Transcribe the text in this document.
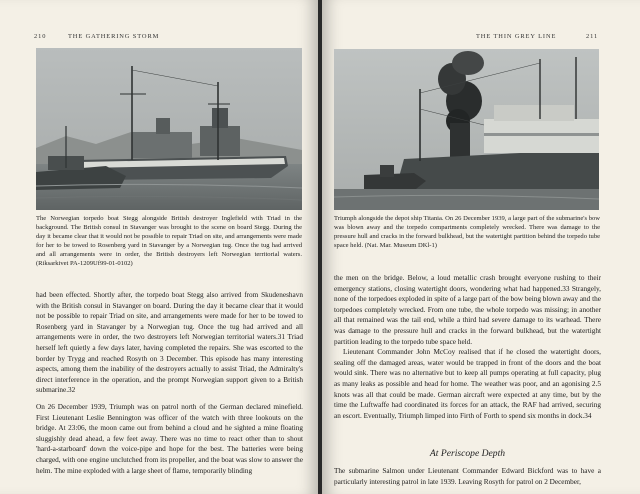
210	THE GATHERING STORM

The Norwegian torpedo boat Stegg alongside British destroyer Inglefield with Triad in the background. The British consul in Stavanger was brought to the scene on board Stegg. During the day it became clear that it would not be possible to repair Triad on site, and arrangements were made for her to be towed to Rosenberg yard in Stavanger by a Norwegian tug. Once the tug had arrived and all arrangements were in order, the British destroyers left Norwegian territorial waters. (Riksarkivet PA-1209Uf99-01-0102)

had been effected. Shortly after, the torpedo boat Stegg also arrived from Skudeneshavn with the British consul in Stavanger on board. During the day it became clear that it would not be possible to repair Triad on site, and arrangements were made for her to be towed to Rosenberg yard in Stavanger by a Norwegian tug. Once the tug had arrived and all arrangements were in order, the two destroyers left Norwegian territorial waters.31 Triad herself left quietly a few days later, having completed the repairs. She was escorted to the border by Trygg and reached Rosyth on 3 December. This episode has many interesting aspects, among them the inability of the destroyers actually to assist Triad, the Admiralty's direct interference in the operation, and the prompt Norwegian support given to a British submarine.32

On 26 December 1939, Triumph was on patrol north of the German declared minefield. First Lieutenant Leslie Bennington was officer of the watch with three lookouts on the bridge. At 23:06, the moon came out from behind a cloud and he sighted a mine floating sluggishly dead ahead, a few feet away. There was no time to react other than to shout 'hard-a-starboard' down the voice-pipe and hope for the best. The batteries were being charged, with one engine unclutched from its propeller, and the boat was slow to answer the helm. The mine exploded with a large sheet of flame, temporarily blinding

THE THIN GREY LINE	211

Triumph alongside the depot ship Titania. On 26 December 1939, a large part of the submarine's bow was blown away and the torpedo compartments completely wrecked. There was damage to the pressure hull and cracks in the forward bulkhead, but the watertight partition behind the torpedo tube space held. (Nat. Mar. Museum DKl-1)

the men on the bridge. Below, a loud metallic crash brought everyone rushing to their emergency stations, closing watertight doors, wondering what had happened.33 Strangely, none of the torpedoes exploded in spite of a large part of the bow being blown away and the torpedoes completely wrecked. From one tube, the whole torpedo was missing; in another all that remained was the tail end, while a third had severe damage to its warhead. There was damage to the pressure hull and cracks in the forward bulkhead, but the watertight partition leading to the torpedo tube space held.

Lieutenant Commander John McCoy realised that if he closed the watertight doors, sealing off the damaged areas, water would be trapped in front of the doors and the boat would sink. There was no alternative but to keep all pumps operating at full capacity, plug as many leaks as possible and head for home. The weather was poor, and an agonising 2.5 knots was all that could be made. German aircraft were expected at any time, but by the time the Luftwaffe had coordinated its forces for an attack, the RAF had arrived, securing an escort. Eventually, Triumph limped into Firth of Forth to spend six months in dock.34

At Periscope Depth

The submarine Salmon under Lieutenant Commander Edward Bickford was to have a particularly interesting patrol in late 1939. Leaving Rosyth for patrol on 2 December,
